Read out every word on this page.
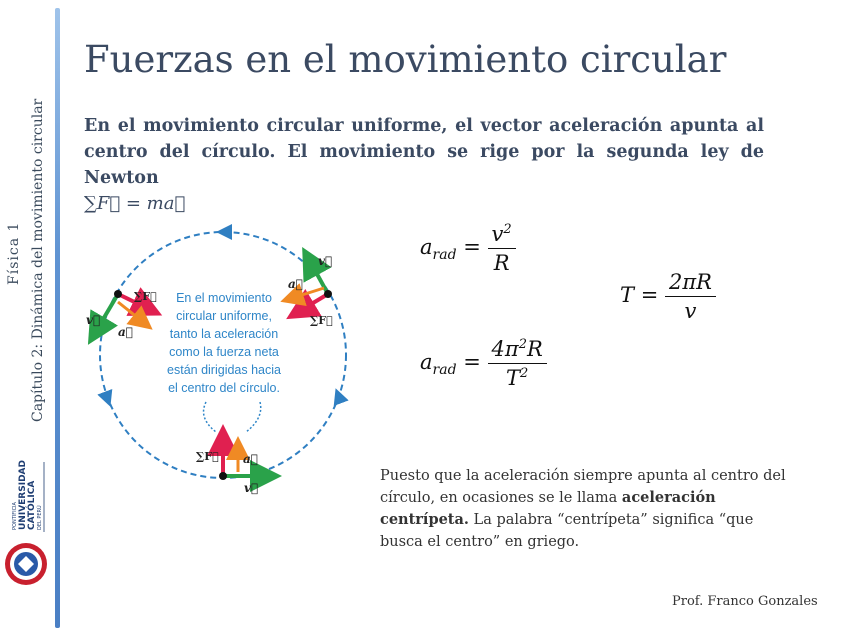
Física 1 Capítulo 2: Dinámica del movimiento circular
PONTIFICIA UNIVERSIDAD CATÓLICA DEL PERÚ
Fuerzas en el movimiento circular
En el movimiento circular uniforme, el vector aceleración apunta al centro del círculo. El movimiento se rige por la segunda ley de Newton
∑F⃗ = ma⃗
v⃗
∑F⃗
a⃗
v⃗
a⃗
∑F⃗
∑F⃗ a⃗
v⃗
En el movimiento
circular uniforme,
tanto la aceleración
como la fuerza neta
están dirigidas hacia
el centro del círculo.
$a_{rad} = \frac{v^2}{R}$
$a_{rad} = \frac{4\pi^2R}{T^2}$
$T = \frac{2\pi R}{v}$
Puesto que la aceleración siempre apunta al centro del círculo, en ocasiones se le llama aceleración centrípeta. La palabra “centrípeta” significa “que busca el centro” en griego.
Prof. Franco Gonzales
